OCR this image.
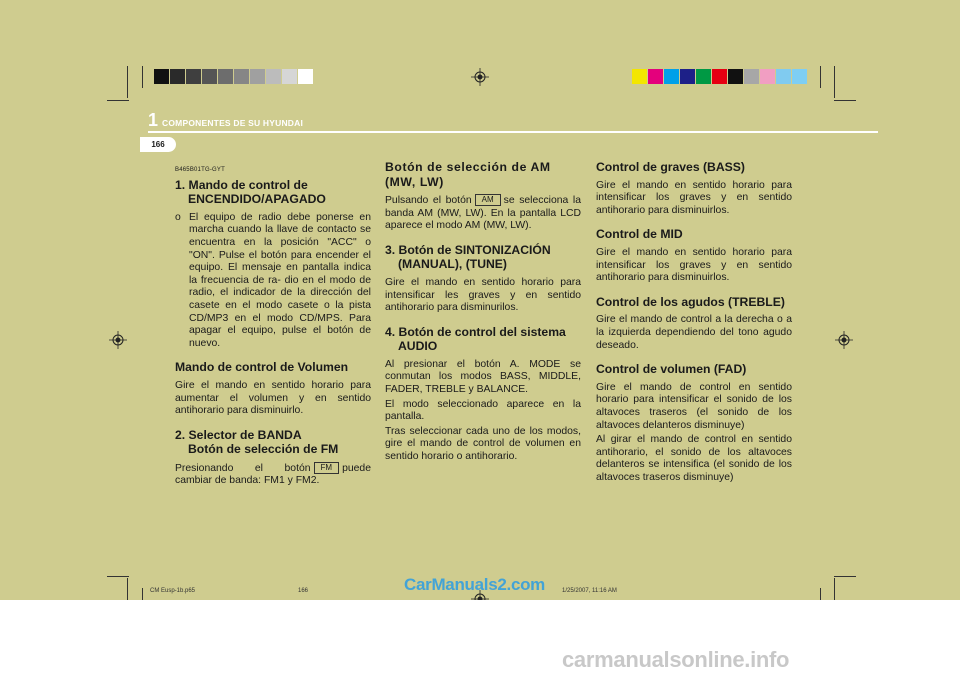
1 COMPONENTES DE SU HYUNDAI
166
B465B01TG-GYT
1. Mando de control de

ENCENDIDO/APAGADO
o El equipo de radio debe ponerse en marcha cuando la llave de contacto se encuentra en la posición "ACC" o "ON". Pulse el botón para encender el equipo. El mensaje en pantalla indica la frecuencia de ra- dio en el modo de radio, el indicador de la dirección del casete en el modo casete o la pista CD/MP3 en el modo CD/MPS. Para apagar el equipo, pulse el botón de nuevo.
Mando de control de Volumen

Gire el mando en sentido horario para aumentar el volumen y en sentido antihorario para disminuirlo.

2. Selector de BANDA

Botón de selección de FM

Presionando el botón FM puede cambiar de banda: FM1 y FM2.

Botón de selección de AM
(MW, LW)

Pulsando el botón AM se selecciona la banda AM (MW, LW). En la pantalla LCD aparece el modo AM (MW, LW).

3. Botón de SINTONIZACIÓN

(MANUAL), (TUNE)

Gire el mando en sentido horario para intensificar les graves y en sentido antihorario para disminurilos.

4. Botón de control del sistema

AUDIO

Al presionar el botón A. MODE se conmutan los modos BASS, MIDDLE, FADER, TREBLE y BALANCE.

El modo seleccionado aparece en la pantalla.

Tras seleccionar cada uno de los modos, gire el mando de control de volumen en sentido horario o antihorario.

Control de graves (BASS)

Gire el mando en sentido horario para intensificar los graves y en sentido antihorario para disminuirlos.

Control de MID

Gire el mando en sentido horario para intensificar los graves y en sentido antihorario para disminuirlos.

Control de los agudos (TREBLE)

Gire el mando de control a la derecha o a la izquierda dependiendo del tono agudo deseado.

Control de volumen (FAD)

Gire el mando de control en sentido horario para intensificar el sonido de los altavoces traseros (el sonido de los altavoces delanteros disminuye)

Al girar el mando de control en sentido antihorario, el sonido de los altavoces delanteros se intensifica (el sonido de los altavoces traseros disminuye)

CM Eusp-1b.p65	166	1/25/2007, 11:16 AM
CarManuals2.com
carmanualsonline.info
